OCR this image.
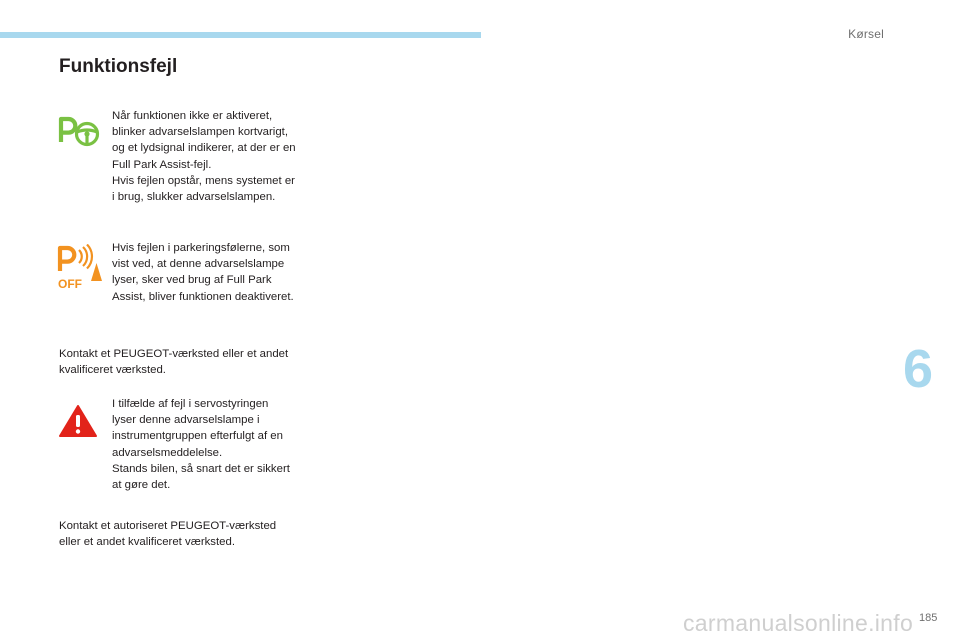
Kørsel
Funktionsfejl

Når funktionen ikke er aktiveret,
blinker advarselslampen kortvarigt,
og et lydsignal indikerer, at der er en
Full Park Assist-fejl.
Hvis fejlen opstår, mens systemet er
i brug, slukker advarselslampen.

OFF

Hvis fejlen i parkeringsfølerne, som
vist ved, at denne advarselslampe
lyser, sker ved brug af Full Park
Assist, bliver funktionen deaktiveret.

Kontakt et PEUGEOT-værksted eller et andet
kvalificeret værksted.

I tilfælde af fejl i servostyringen
lyser denne advarselslampe i
instrumentgruppen efterfulgt af en
advarselsmeddelelse.
Stands bilen, så snart det er sikkert
at gøre det.

Kontakt et autoriseret PEUGEOT-værksted
eller et andet kvalificeret værksted.

6
carmanualsonline.info 185
